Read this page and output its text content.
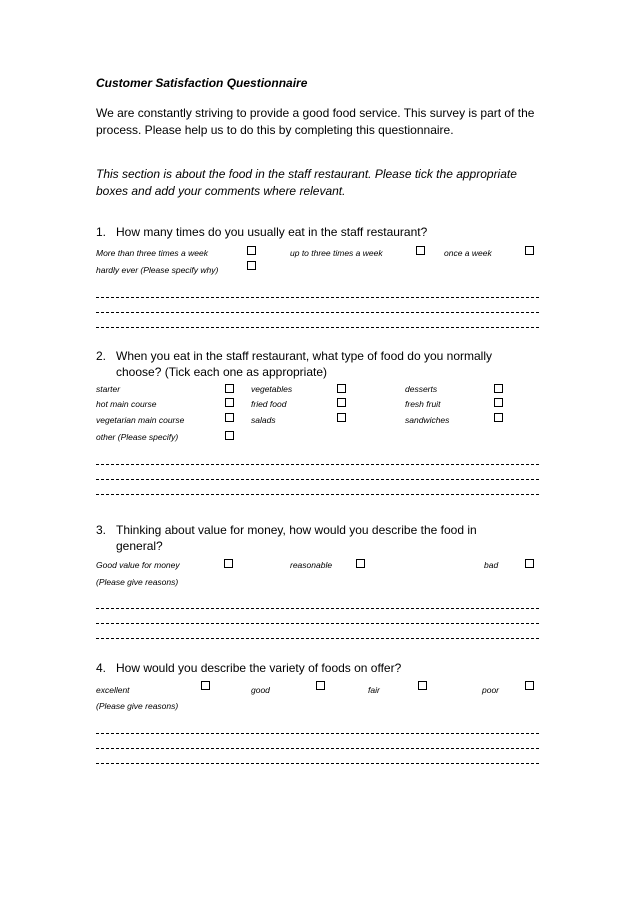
Customer Satisfaction Questionnaire
We are constantly striving to provide a good food service. This survey is part of the process. Please help us to do this by completing this questionnaire.
This section is about the food in the staff restaurant. Please tick the appropriate boxes and add your comments where relevant.
1. How many times do you usually eat in the staff restaurant?
More than three times a week	up to three times a week	once a week
hardly ever (Please specify why)
2. When you eat in the staff restaurant, what type of food do you normally
choose? (Tick each one as appropriate)
starter	vegetables	desserts
hot main course	fried food	fresh fruit
vegetarian main course	salads	sandwiches
other (Please specify)
3. Thinking about value for money, how would you describe the food in
general?
Good value for money	reasonable	bad
(Please give reasons)
4. How would you describe the variety of foods on offer?
excellent	good	fair	poor
(Please give reasons)
